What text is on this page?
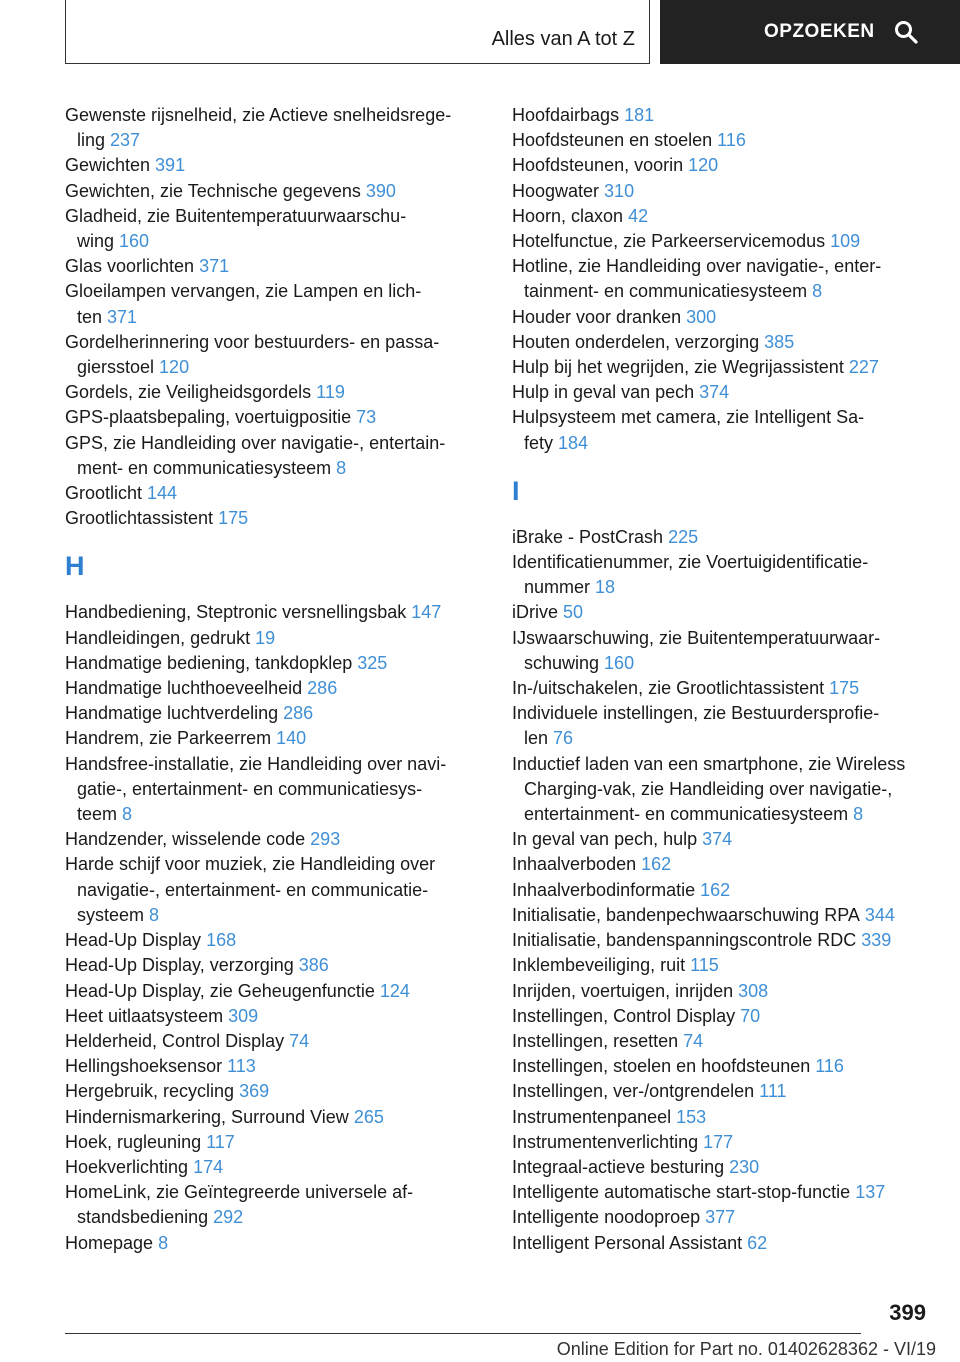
Alles van A tot Z	OPZOEKEN
Gewenste rijsnelheid, zie Actieve snelheidsrege-
ling 237
Gewichten 391
Gewichten, zie Technische gegevens 390
Gladheid, zie Buitentemperatuurwaarschu-
wing 160
Glas voorlichten 371
Gloeilampen vervangen, zie Lampen en lich-
ten 371
Gordelherinnering voor bestuurders- en passa-
giersstoel 120
Gordels, zie Veiligheidsgordels 119
GPS-plaatsbepaling, voertuigpositie 73
GPS, zie Handleiding over navigatie-, entertain-
ment- en communicatiesysteem 8
Grootlicht 144
Grootlichtassistent 175
H
Handbediening, Steptronic versnellingsbak 147
Handleidingen, gedrukt 19
Handmatige bediening, tankdopklep 325
Handmatige luchthoeveelheid 286
Handmatige luchtverdeling 286
Handrem, zie Parkeerrem 140
Handsfree-installatie, zie Handleiding over navi-
gatie-, entertainment- en communicatiesys-
teem 8
Handzender, wisselende code 293
Harde schijf voor muziek, zie Handleiding over
navigatie-, entertainment- en communicatie-
systeem 8
Head-Up Display 168
Head-Up Display, verzorging 386
Head-Up Display, zie Geheugenfunctie 124
Heet uitlaatsysteem 309
Helderheid, Control Display 74
Hellingshoeksensor 113
Hergebruik, recycling 369
Hindernismarkering, Surround View 265
Hoek, rugleuning 117
Hoekverlichting 174
HomeLink, zie Geïntegreerde universele af-
standsbediening 292
Homepage 8
Hoofdairbags 181
Hoofdsteunen en stoelen 116
Hoofdsteunen, voorin 120
Hoogwater 310
Hoorn, claxon 42
Hotelfunctue, zie Parkeerservicemodus 109
Hotline, zie Handleiding over navigatie-, enter-
tainment- en communicatiesysteem 8
Houder voor dranken 300
Houten onderdelen, verzorging 385
Hulp bij het wegrijden, zie Wegrijassistent 227
Hulp in geval van pech 374
Hulpsysteem met camera, zie Intelligent Sa-
fety 184
I
iBrake - PostCrash 225
Identificatienummer, zie Voertuigidentificatie-
nummer 18
iDrive 50
IJswaarschuwing, zie Buitentemperatuurwaar-
schuwing 160
In-/uitschakelen, zie Grootlichtassistent 175
Individuele instellingen, zie Bestuurdersprofie-
len 76
Inductief laden van een smartphone, zie Wireless
Charging-vak, zie Handleiding over navigatie-,
entertainment- en communicatiesysteem 8
In geval van pech, hulp 374
Inhaalverboden 162
Inhaalverbodinformatie 162
Initialisatie, bandenpechwaarschuwing RPA 344
Initialisatie, bandenspanningscontrole RDC 339
Inklembeveiliging, ruit 115
Inrijden, voertuigen, inrijden 308
Instellingen, Control Display 70
Instellingen, resetten 74
Instellingen, stoelen en hoofdsteunen 116
Instellingen, ver-/ontgrendelen 111
Instrumentenpaneel 153
Instrumentenverlichting 177
Integraal-actieve besturing 230
Intelligente automatische start-stop-functie 137
Intelligente noodoproep 377
Intelligent Personal Assistant 62
399
Online Edition for Part no. 01402628362 - VI/19
